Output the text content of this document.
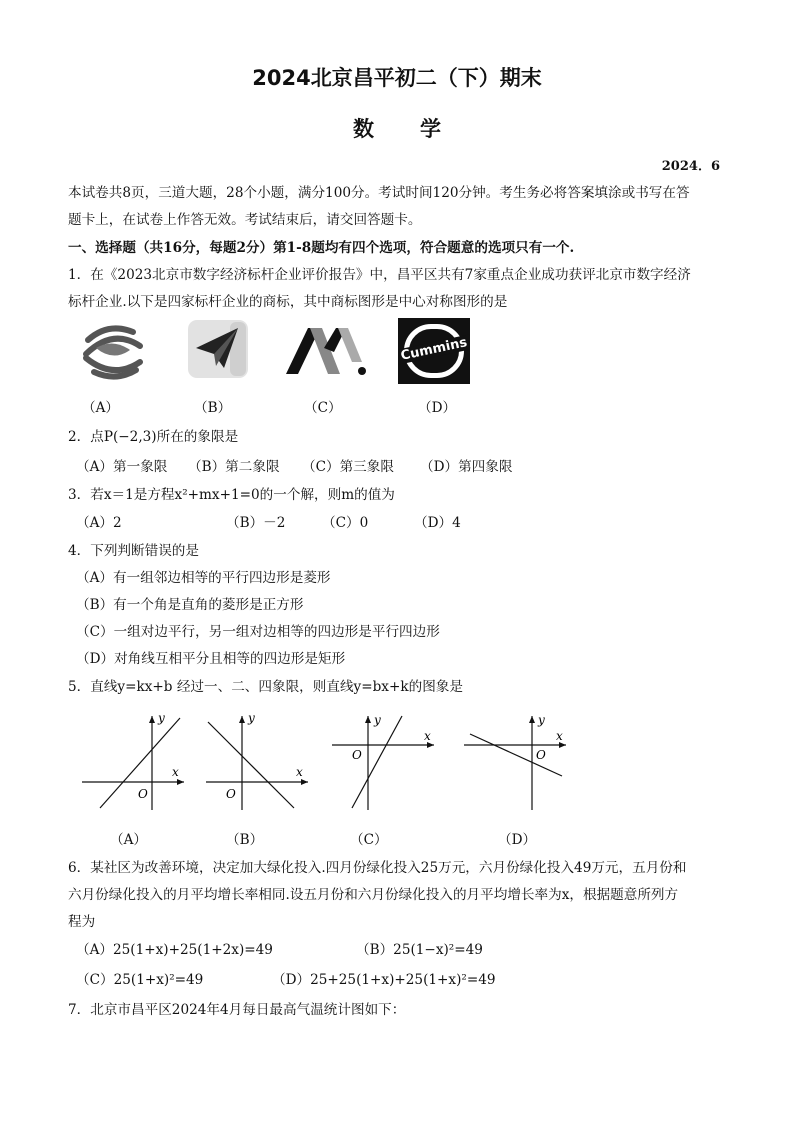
2024北京昌平初二（下）期末
数 学
2024．6
本试卷共8页，三道大题，28个小题，满分100分。考试时间120分钟。考生务必将答案填涂或书写在答
题卡上，在试卷上作答无效。考试结束后，请交回答题卡。
一、选择题（共16分，每题2分）第1-8题均有四个选项，符合题意的选项只有一个.
1．在《2023北京市数字经济标杆企业评价报告》中，昌平区共有7家重点企业成功获评北京市数字经济
标杆企业.以下是四家标杆企业的商标，其中商标图形是中心对称图形的是
Cummins
（A）	（B）	（C）	（D）
2．点P(−2,3)所在的象限是
（A）第一象限 （B）第二象限 （C）第三象限 （D）第四象限
3．若x＝1是方程x²+mx+1=0的一个解，则m的值为
（A）2	（B）－2	（C）0	（D）4
4．下列判断错误的是
（A）有一组邻边相等的平行四边形是菱形
（B）有一个角是直角的菱形是正方形
（C）一组对边平行，另一组对边相等的四边形是平行四边形
（D）对角线互相平分且相等的四边形是矩形
5．直线y=kx+b 经过一、二、四象限，则直线y=bx+k的图象是
y
x
O
y
x
O
y
x
O
y
x
O
（A）	（B）	（C）	（D）
6．某社区为改善环境，决定加大绿化投入.四月份绿化投入25万元，六月份绿化投入49万元，五月份和
六月份绿化投入的月平均增长率相同.设五月份和六月份绿化投入的月平均增长率为x，根据题意所列方
程为
（A）25(1+x)+25(1+2x)=49	（B）25(1−x)²=49
（C）25(1+x)²=49	（D）25+25(1+x)+25(1+x)²=49
7．北京市昌平区2024年4月每日最高气温统计图如下：
